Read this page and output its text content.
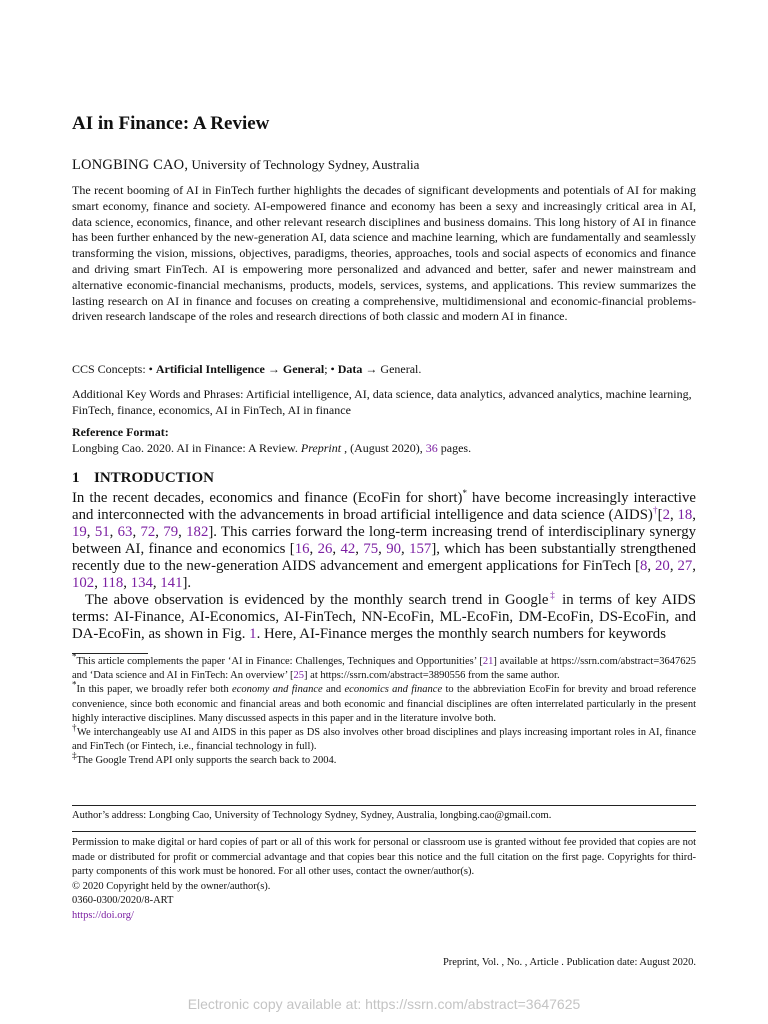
AI in Finance: A Review
LONGBING CAO, University of Technology Sydney, Australia

The recent booming of AI in FinTech further highlights the decades of significant developments and potentials of AI for making smart economy, finance and society. AI-empowered finance and economy has been a sexy and increasingly critical area in AI, data science, economics, finance, and other relevant research disciplines and business domains. This long history of AI in finance has been further enhanced by the new-generation AI, data science and machine learning, which are fundamentally and seamlessly transforming the vision, missions, objectives, paradigms, theories, approaches, tools and social aspects of economics and finance and driving smart FinTech. AI is empowering more personalized and advanced and better, safer and newer mainstream and alternative economic-financial mechanisms, products, models, services, systems, and applications. This review summarizes the lasting research on AI in finance and focuses on creating a comprehensive, multidimensional and economic-financial problems-driven research landscape of the roles and research directions of both classic and modern AI in finance.

CCS Concepts: • Artificial Intelligence → General; • Data → General.

Additional Key Words and Phrases: Artificial intelligence, AI, data science, data analytics, advanced analytics, machine learning, FinTech, finance, economics, AI in FinTech, AI in finance

Reference Format:
Longbing Cao. 2020. AI in Finance: A Review. Preprint , (August 2020), 36 pages.
1 INTRODUCTION

In the recent decades, economics and finance (EcoFin for short)* have become increasingly interactive and interconnected with the advancements in broad artificial intelligence and data science (AIDS)†[2, 18, 19, 51, 63, 72, 79, 182]. This carries forward the long-term increasing trend of interdisciplinary synergy between AI, finance and economics [16, 26, 42, 75, 90, 157], which has been substantially strengthened recently due to the new-generation AIDS advancement and emergent applications for FinTech [8, 20, 27, 102, 118, 134, 141].

The above observation is evidenced by the monthly search trend in Google‡ in terms of key AIDS terms: AI-Finance, AI-Economics, AI-FinTech, NN-EcoFin, ML-EcoFin, DM-EcoFin, DS-EcoFin, and DA-EcoFin, as shown in Fig. 1. Here, AI-Finance merges the monthly search numbers for keywords

*This article complements the paper ‘AI in Finance: Challenges, Techniques and Opportunities’ [21] available at https://ssrn.com/abstract=3647625 and ‘Data science and AI in FinTech: An overview’ [25] at https://ssrn.com/abstract=3890556 from the same author.

*In this paper, we broadly refer both economy and finance and economics and finance to the abbreviation EcoFin for brevity and broad reference convenience, since both economic and financial areas and both economic and financial disciplines are often interrelated particularly in the present highly interactive disciplines. Many discussed aspects in this paper and in the literature involve both.

†We interchangeably use AI and AIDS in this paper as DS also involves other broad disciplines and plays increasing important roles in AI, finance and FinTech (or Fintech, i.e., financial technology in full).

‡The Google Trend API only supports the search back to 2004.

Author’s address: Longbing Cao, University of Technology Sydney, Sydney, Australia, longbing.cao@gmail.com.

Permission to make digital or hard copies of part or all of this work for personal or classroom use is granted without fee provided that copies are not made or distributed for profit or commercial advantage and that copies bear this notice and the full citation on the first page. Copyrights for third-party components of this work must be honored. For all other uses, contact the owner/author(s).

© 2020 Copyright held by the owner/author(s).

0360-0300/2020/8-ART

https://doi.org/

Preprint, Vol. , No. , Article . Publication date: August 2020.
Electronic copy available at: https://ssrn.com/abstract=3647625
